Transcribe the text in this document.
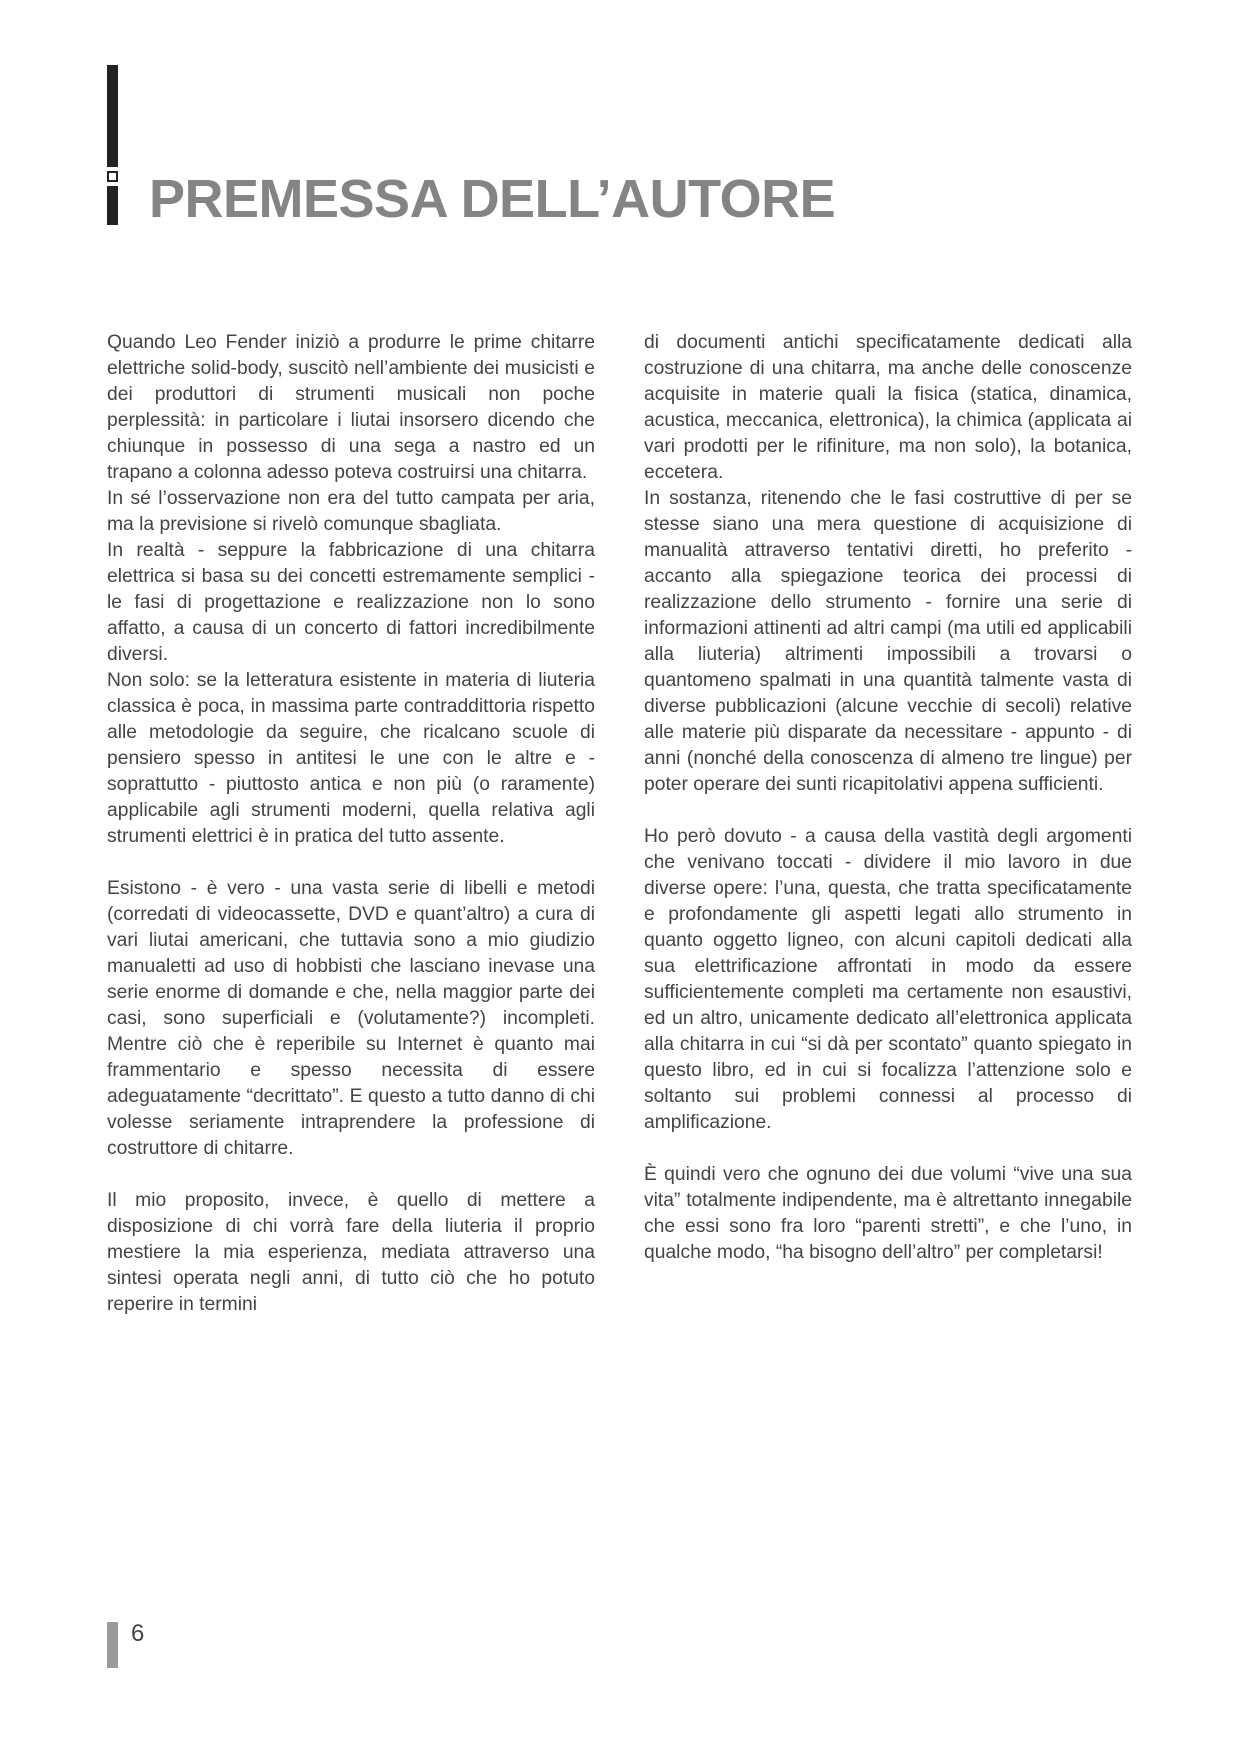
PREMESSA DELL’AUTORE

Quando Leo Fender iniziò a produrre le prime chitarre elettriche solid-body, suscitò nell’ambiente dei musicisti e dei produttori di strumenti musicali non poche perplessità: in particolare i liutai insorsero dicendo che chiunque in possesso di una sega a nastro ed un trapano a colonna adesso poteva costruirsi una chitarra.

In sé l’osservazione non era del tutto campata per aria, ma la previsione si rivelò comunque sbagliata.

In realtà - seppure la fabbricazione di una chitarra elettrica si basa su dei concetti estremamente semplici - le fasi di progettazione e realizzazione non lo sono affatto, a causa di un concerto di fattori incredibilmente diversi.

Non solo: se la letteratura esistente in materia di liuteria classica è poca, in massima parte contraddittoria rispetto alle metodologie da seguire, che ricalcano scuole di pensiero spesso in antitesi le une con le altre e - soprattutto - piuttosto antica e non più (o raramente) applicabile agli strumenti moderni, quella relativa agli strumenti elettrici è in pratica del tutto assente.

Esistono - è vero - una vasta serie di libelli e metodi (corredati di videocassette, DVD e quant’altro) a cura di vari liutai americani, che tuttavia sono a mio giudizio manualetti ad uso di hobbisti che lasciano inevase una serie enorme di domande e che, nella maggior parte dei casi, sono superficiali e (volutamente?) incompleti. Mentre ciò che è reperibile su Internet è quanto mai frammentario e spesso necessita di essere adeguatamente “decrittato”. E questo a tutto danno di chi volesse seriamente intraprendere la professione di costruttore di chitarre.

Il mio proposito, invece, è quello di mettere a disposizione di chi vorrà fare della liuteria il proprio mestiere la mia esperienza, mediata attraverso una sintesi operata negli anni, di tutto ciò che ho potuto reperire in termini

di documenti antichi specificatamente dedicati alla costruzione di una chitarra, ma anche delle conoscenze acquisite in materie quali la fisica (statica, dinamica, acustica, meccanica, elettronica), la chimica (applicata ai vari prodotti per le rifiniture, ma non solo), la botanica, eccetera.

In sostanza, ritenendo che le fasi costruttive di per se stesse siano una mera questione di acquisizione di manualità attraverso tentativi diretti, ho preferito - accanto alla spiegazione teorica dei processi di realizzazione dello strumento - fornire una serie di informazioni attinenti ad altri campi (ma utili ed applicabili alla liuteria) altrimenti impossibili a trovarsi o quantomeno spalmati in una quantità talmente vasta di diverse pubblicazioni (alcune vecchie di secoli) relative alle materie più disparate da necessitare - appunto - di anni (nonché della conoscenza di almeno tre lingue) per poter operare dei sunti ricapitolativi appena sufficienti.

Ho però dovuto - a causa della vastità degli argomenti che venivano toccati - dividere il mio lavoro in due diverse opere: l’una, questa, che tratta specificatamente e profondamente gli aspetti legati allo strumento in quanto oggetto ligneo, con alcuni capitoli dedicati alla sua elettrificazione affrontati in modo da essere sufficientemente completi ma certamente non esaustivi, ed un altro, unicamente dedicato all’elettronica applicata alla chitarra in cui “si dà per scontato” quanto spiegato in questo libro, ed in cui si focalizza l’attenzione solo e soltanto sui problemi connessi al processo di amplificazione.

È quindi vero che ognuno dei due volumi “vive una sua vita” totalmente indipendente, ma è altrettanto innegabile che essi sono fra loro “parenti stretti”, e che l’uno, in qualche modo, “ha bisogno dell’altro” per completarsi!

6
